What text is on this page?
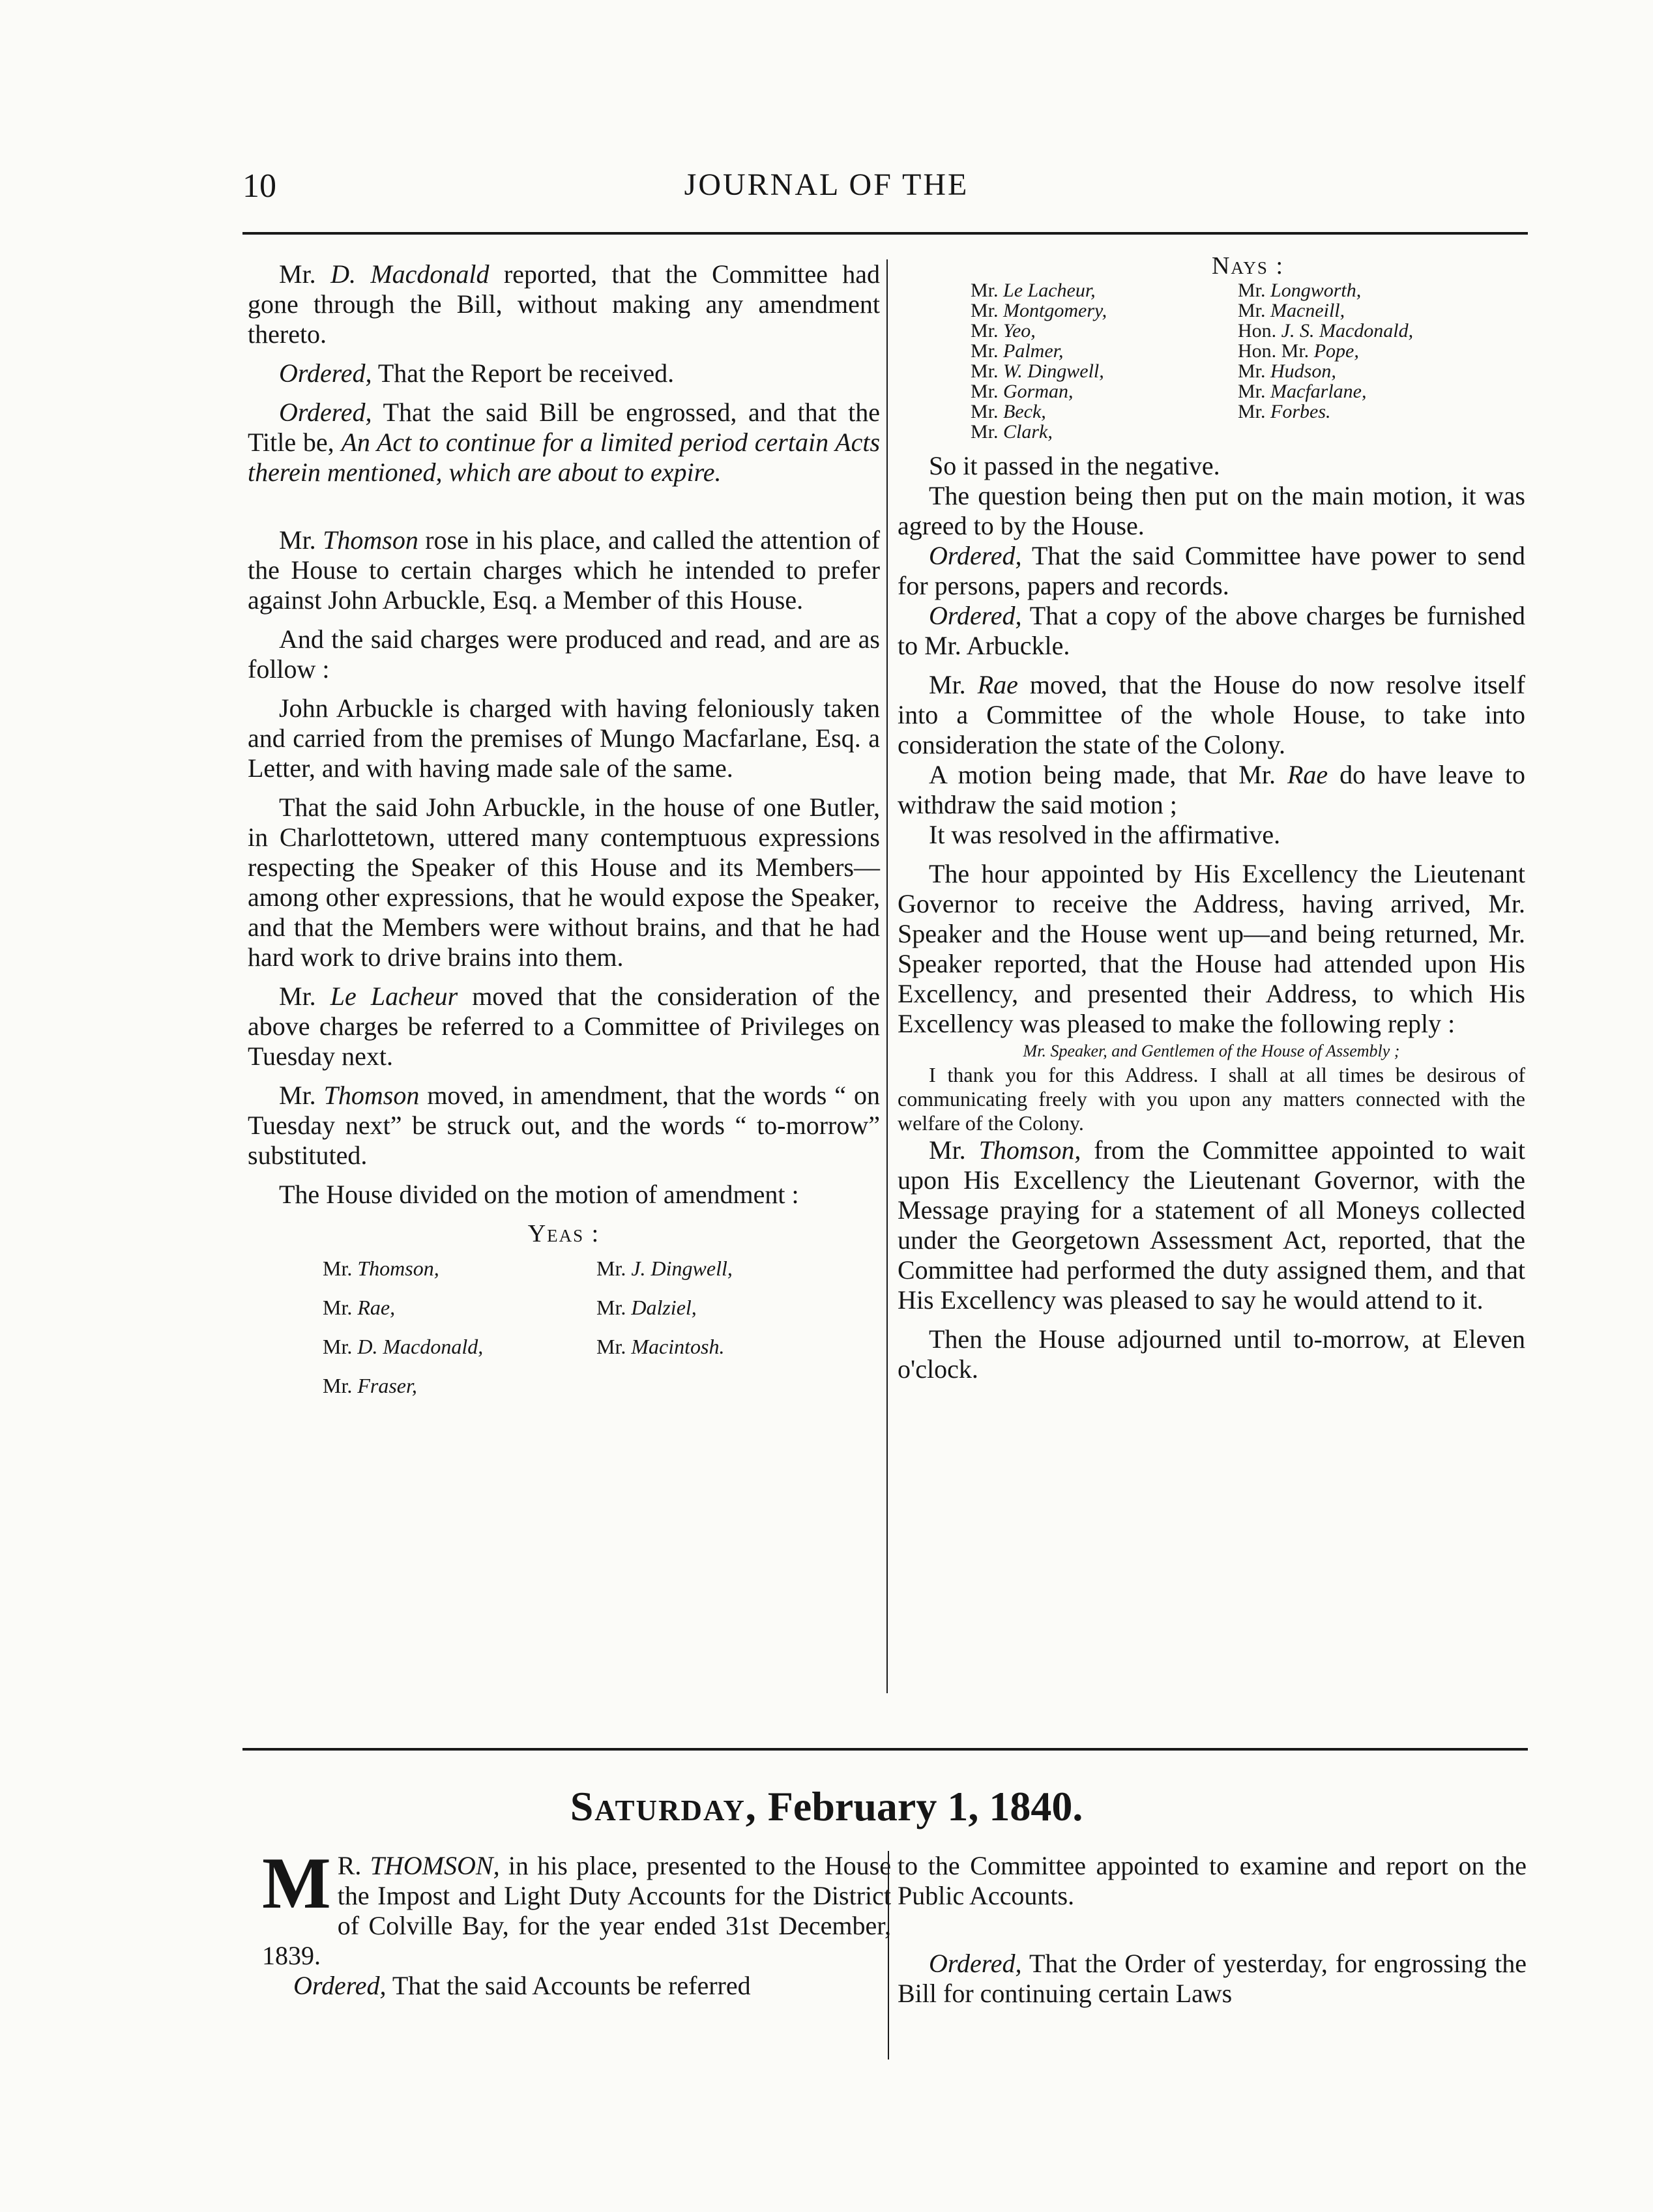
10	JOURNAL OF THE

Mr. D. Macdonald reported, that the Committee had gone through the Bill, without making any amendment thereto.

Ordered, That the Report be received.

Ordered, That the said Bill be engrossed, and that the Title be, An Act to continue for a limited period certain Acts therein mentioned, which are about to expire.

Mr. Thomson rose in his place, and called the attention of the House to certain charges which he intended to prefer against John Arbuckle, Esq. a Member of this House.

And the said charges were produced and read, and are as follow :

John Arbuckle is charged with having feloniously taken and carried from the premises of Mungo Macfarlane, Esq. a Letter, and with having made sale of the same.

That the said John Arbuckle, in the house of one Butler, in Charlottetown, uttered many contemptuous expressions respecting the Speaker of this House and its Members—among other expressions, that he would expose the Speaker, and that the Members were without brains, and that he had hard work to drive brains into them.

Mr. Le Lacheur moved that the consideration of the above charges be referred to a Committee of Privileges on Tuesday next.

Mr. Thomson moved, in amendment, that the words “ on Tuesday next” be struck out, and the words “ to-morrow” substituted.

The House divided on the motion of amendment :

Yeas :
Mr. Thomson,	Mr. J. Dingwell,
Mr. Rae,	Mr. Dalziel,
Mr. D. Macdonald,	Mr. Macintosh.
Mr. Fraser,
Nays :
Mr. Le Lacheur,	Mr. Longworth,
Mr. Montgomery,	Mr. Macneill,
Mr. Yeo,	Hon. J. S. Macdonald,
Mr. Palmer,	Hon. Mr. Pope,
Mr. W. Dingwell,	Mr. Hudson,
Mr. Gorman,	Mr. Macfarlane,
Mr. Beck,	Mr. Forbes.
Mr. Clark,

So it passed in the negative.

The question being then put on the main motion, it was agreed to by the House.

Ordered, That the said Committee have power to send for persons, papers and records.

Ordered, That a copy of the above charges be furnished to Mr. Arbuckle.

Mr. Rae moved, that the House do now resolve itself into a Committee of the whole House, to take into consideration the state of the Colony.

A motion being made, that Mr. Rae do have leave to withdraw the said motion ;

It was resolved in the affirmative.

The hour appointed by His Excellency the Lieutenant Governor to receive the Address, having arrived, Mr. Speaker and the House went up—and being returned, Mr. Speaker reported, that the House had attended upon His Excellency, and presented their Address, to which His Excellency was pleased to make the following reply :

Mr. Speaker, and Gentlemen of the House of Assembly ;

I thank you for this Address. I shall at all times be desirous of communicating freely with you upon any matters connected with the welfare of the Colony.

Mr. Thomson, from the Committee appointed to wait upon His Excellency the Lieutenant Governor, with the Message praying for a statement of all Moneys collected under the Georgetown Assessment Act, reported, that the Committee had performed the duty assigned them, and that His Excellency was pleased to say he would attend to it.

Then the House adjourned until to-morrow, at Eleven o'clock.

Saturday, February 1, 1840.

M R. THOMSON, in his place, presented to the House the Impost and Light Duty Accounts for the District of Colville Bay, for the year ended 31st December, 1839.

Ordered, That the said Accounts be referred

to the Committee appointed to examine and report on the Public Accounts.

Ordered, That the Order of yesterday, for engrossing the Bill for continuing certain Laws
